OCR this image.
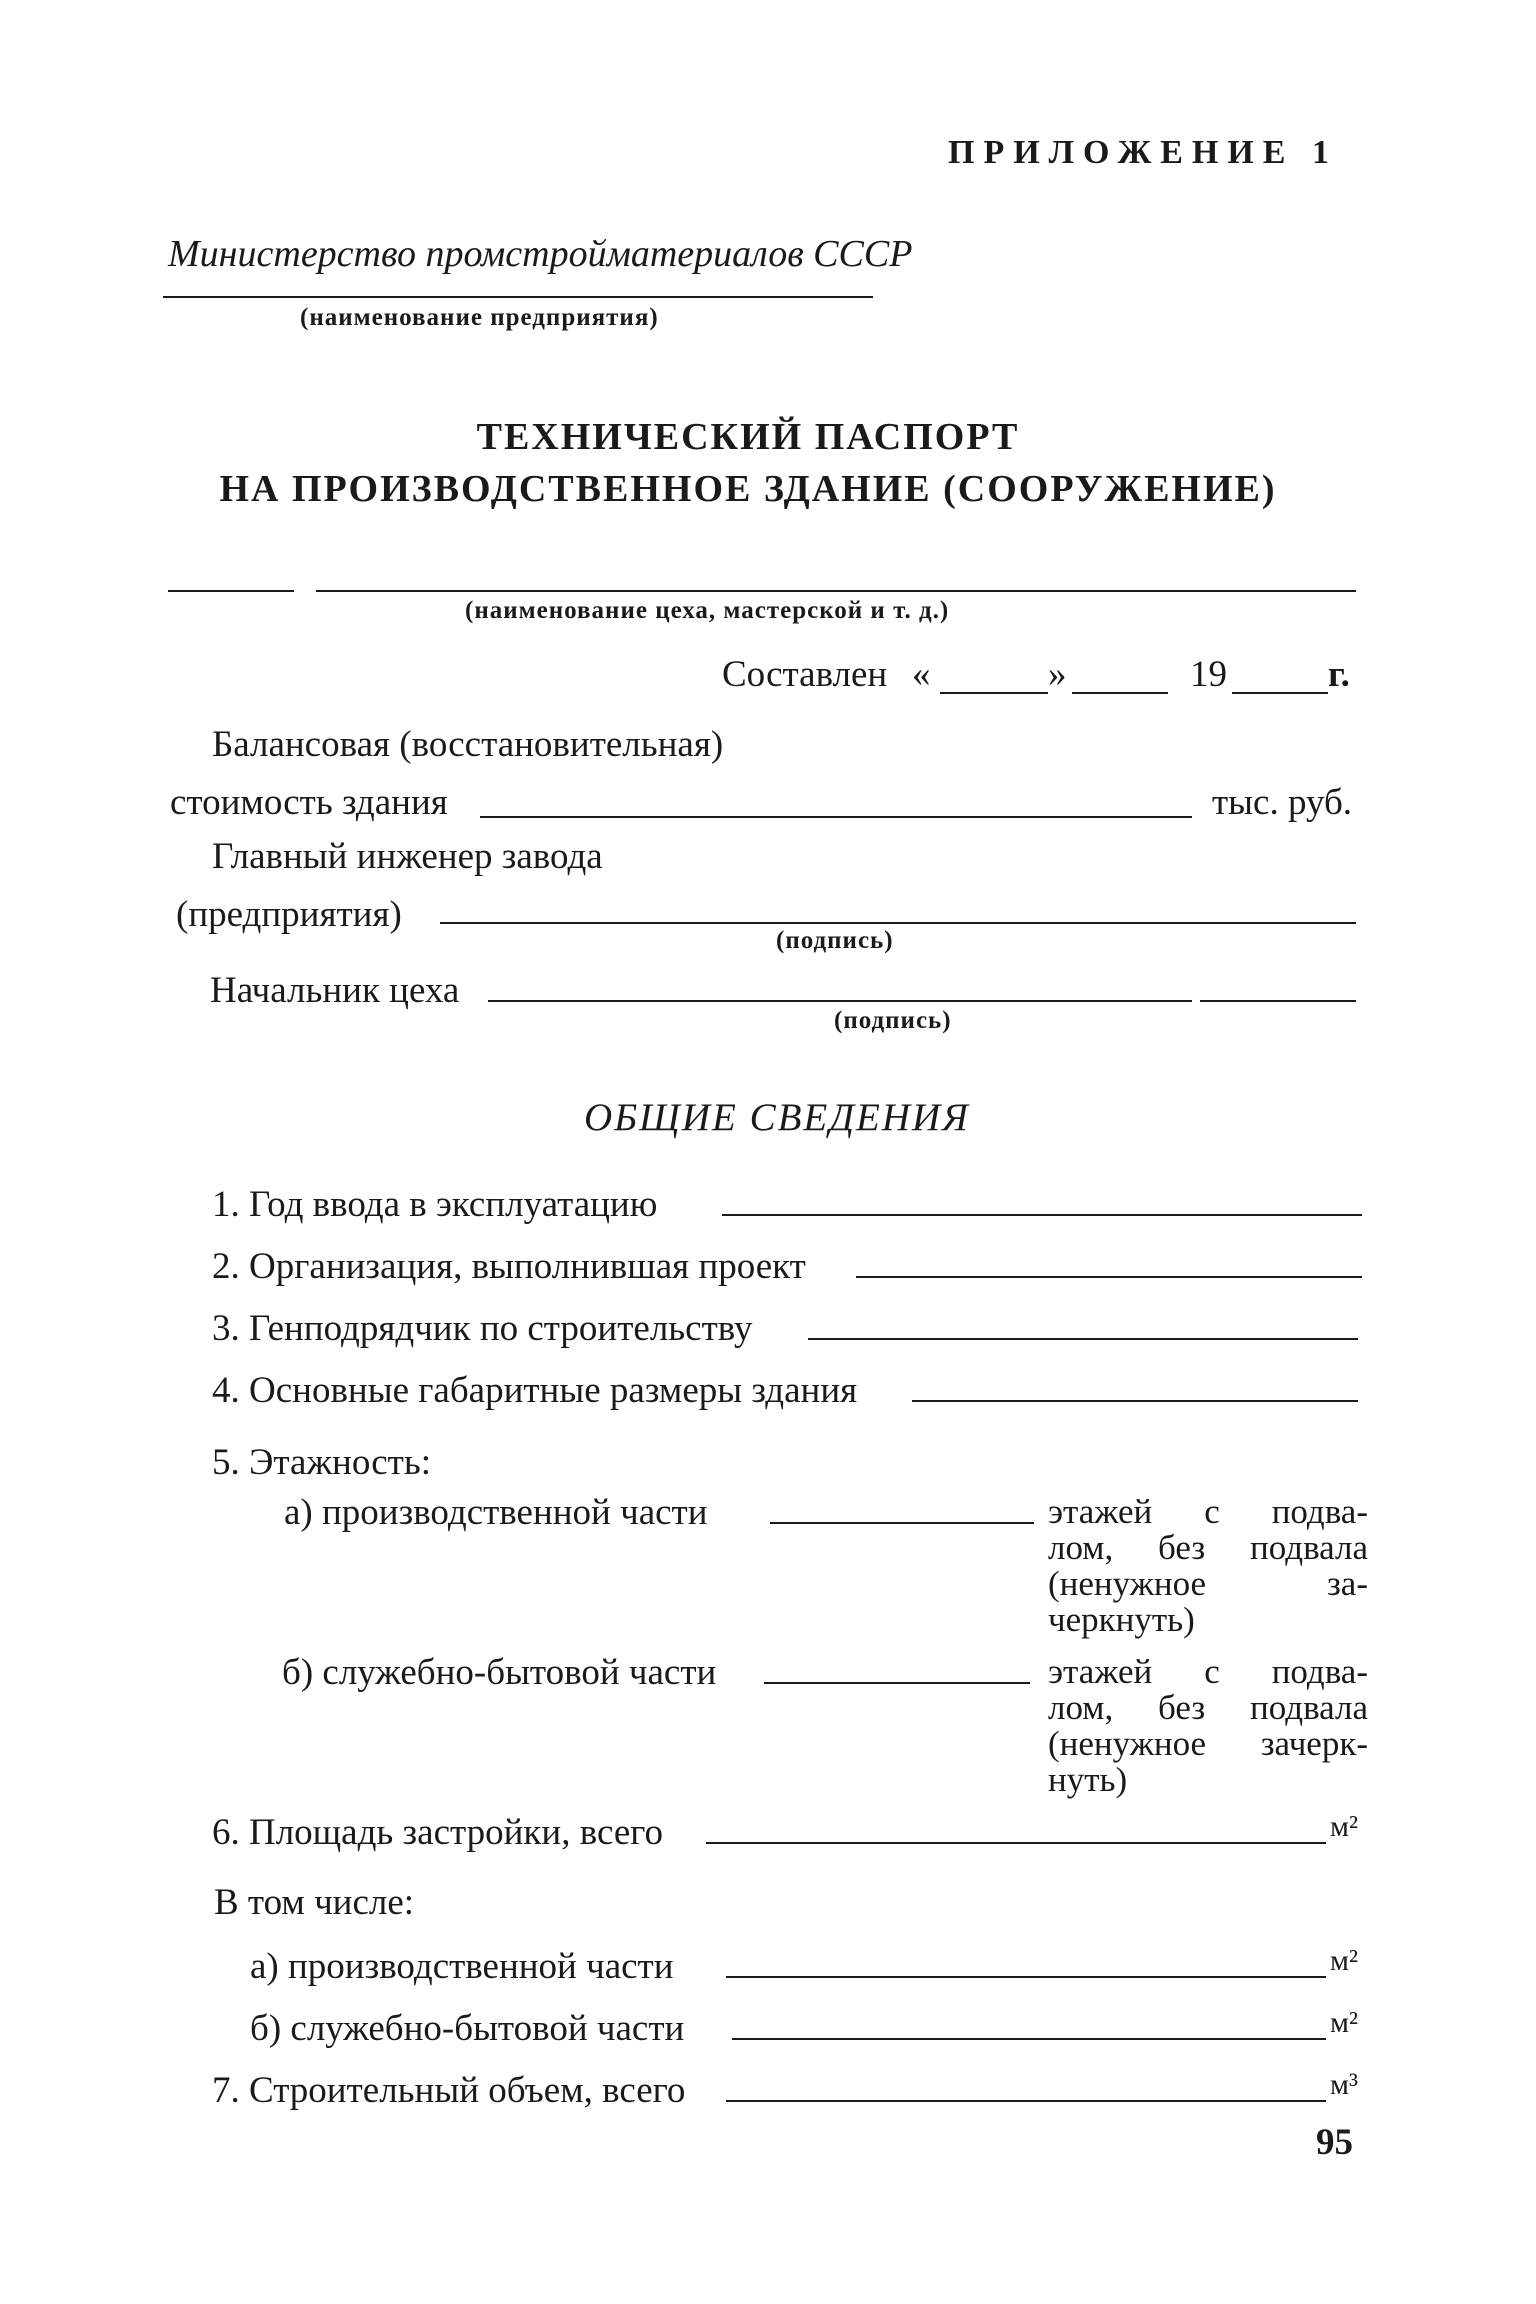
ПРИЛОЖЕНИЕ 1
Министерство промстройматериалов СССР
(наименование предприятия)
ТЕХНИЧЕСКИЙ ПАСПОРТ
НА ПРОИЗВОДСТВЕННОЕ ЗДАНИЕ (СООРУЖЕНИЕ)
(наименование цеха, мастерской и т. д.)
Составлен «	»	19	г.
Балансовая (восстановительная)
стоимость здания	тыс. руб.
Главный инженер завода
(предприятия)
(подпись)
Начальник цеха
(подпись)
ОБЩИЕ СВЕДЕНИЯ
1. Год ввода в эксплуатацию
2. Организация, выполнившая проект
3. Генподрядчик по строительству
4. Основные габаритные размеры здания
5. Этажность:
а) производственной части	этажей с подва-
лом, без подвала
(ненужное за-
черкнуть)
б) служебно-бытовой части	этажей с подва-
лом, без подвала
(ненужное зачерк-
нуть)
6. Площадь застройки, всего	м²
В том числе:
а) производственной части	м²
б) служебно-бытовой части	м²
7. Строительный объем, всего	м³
95
